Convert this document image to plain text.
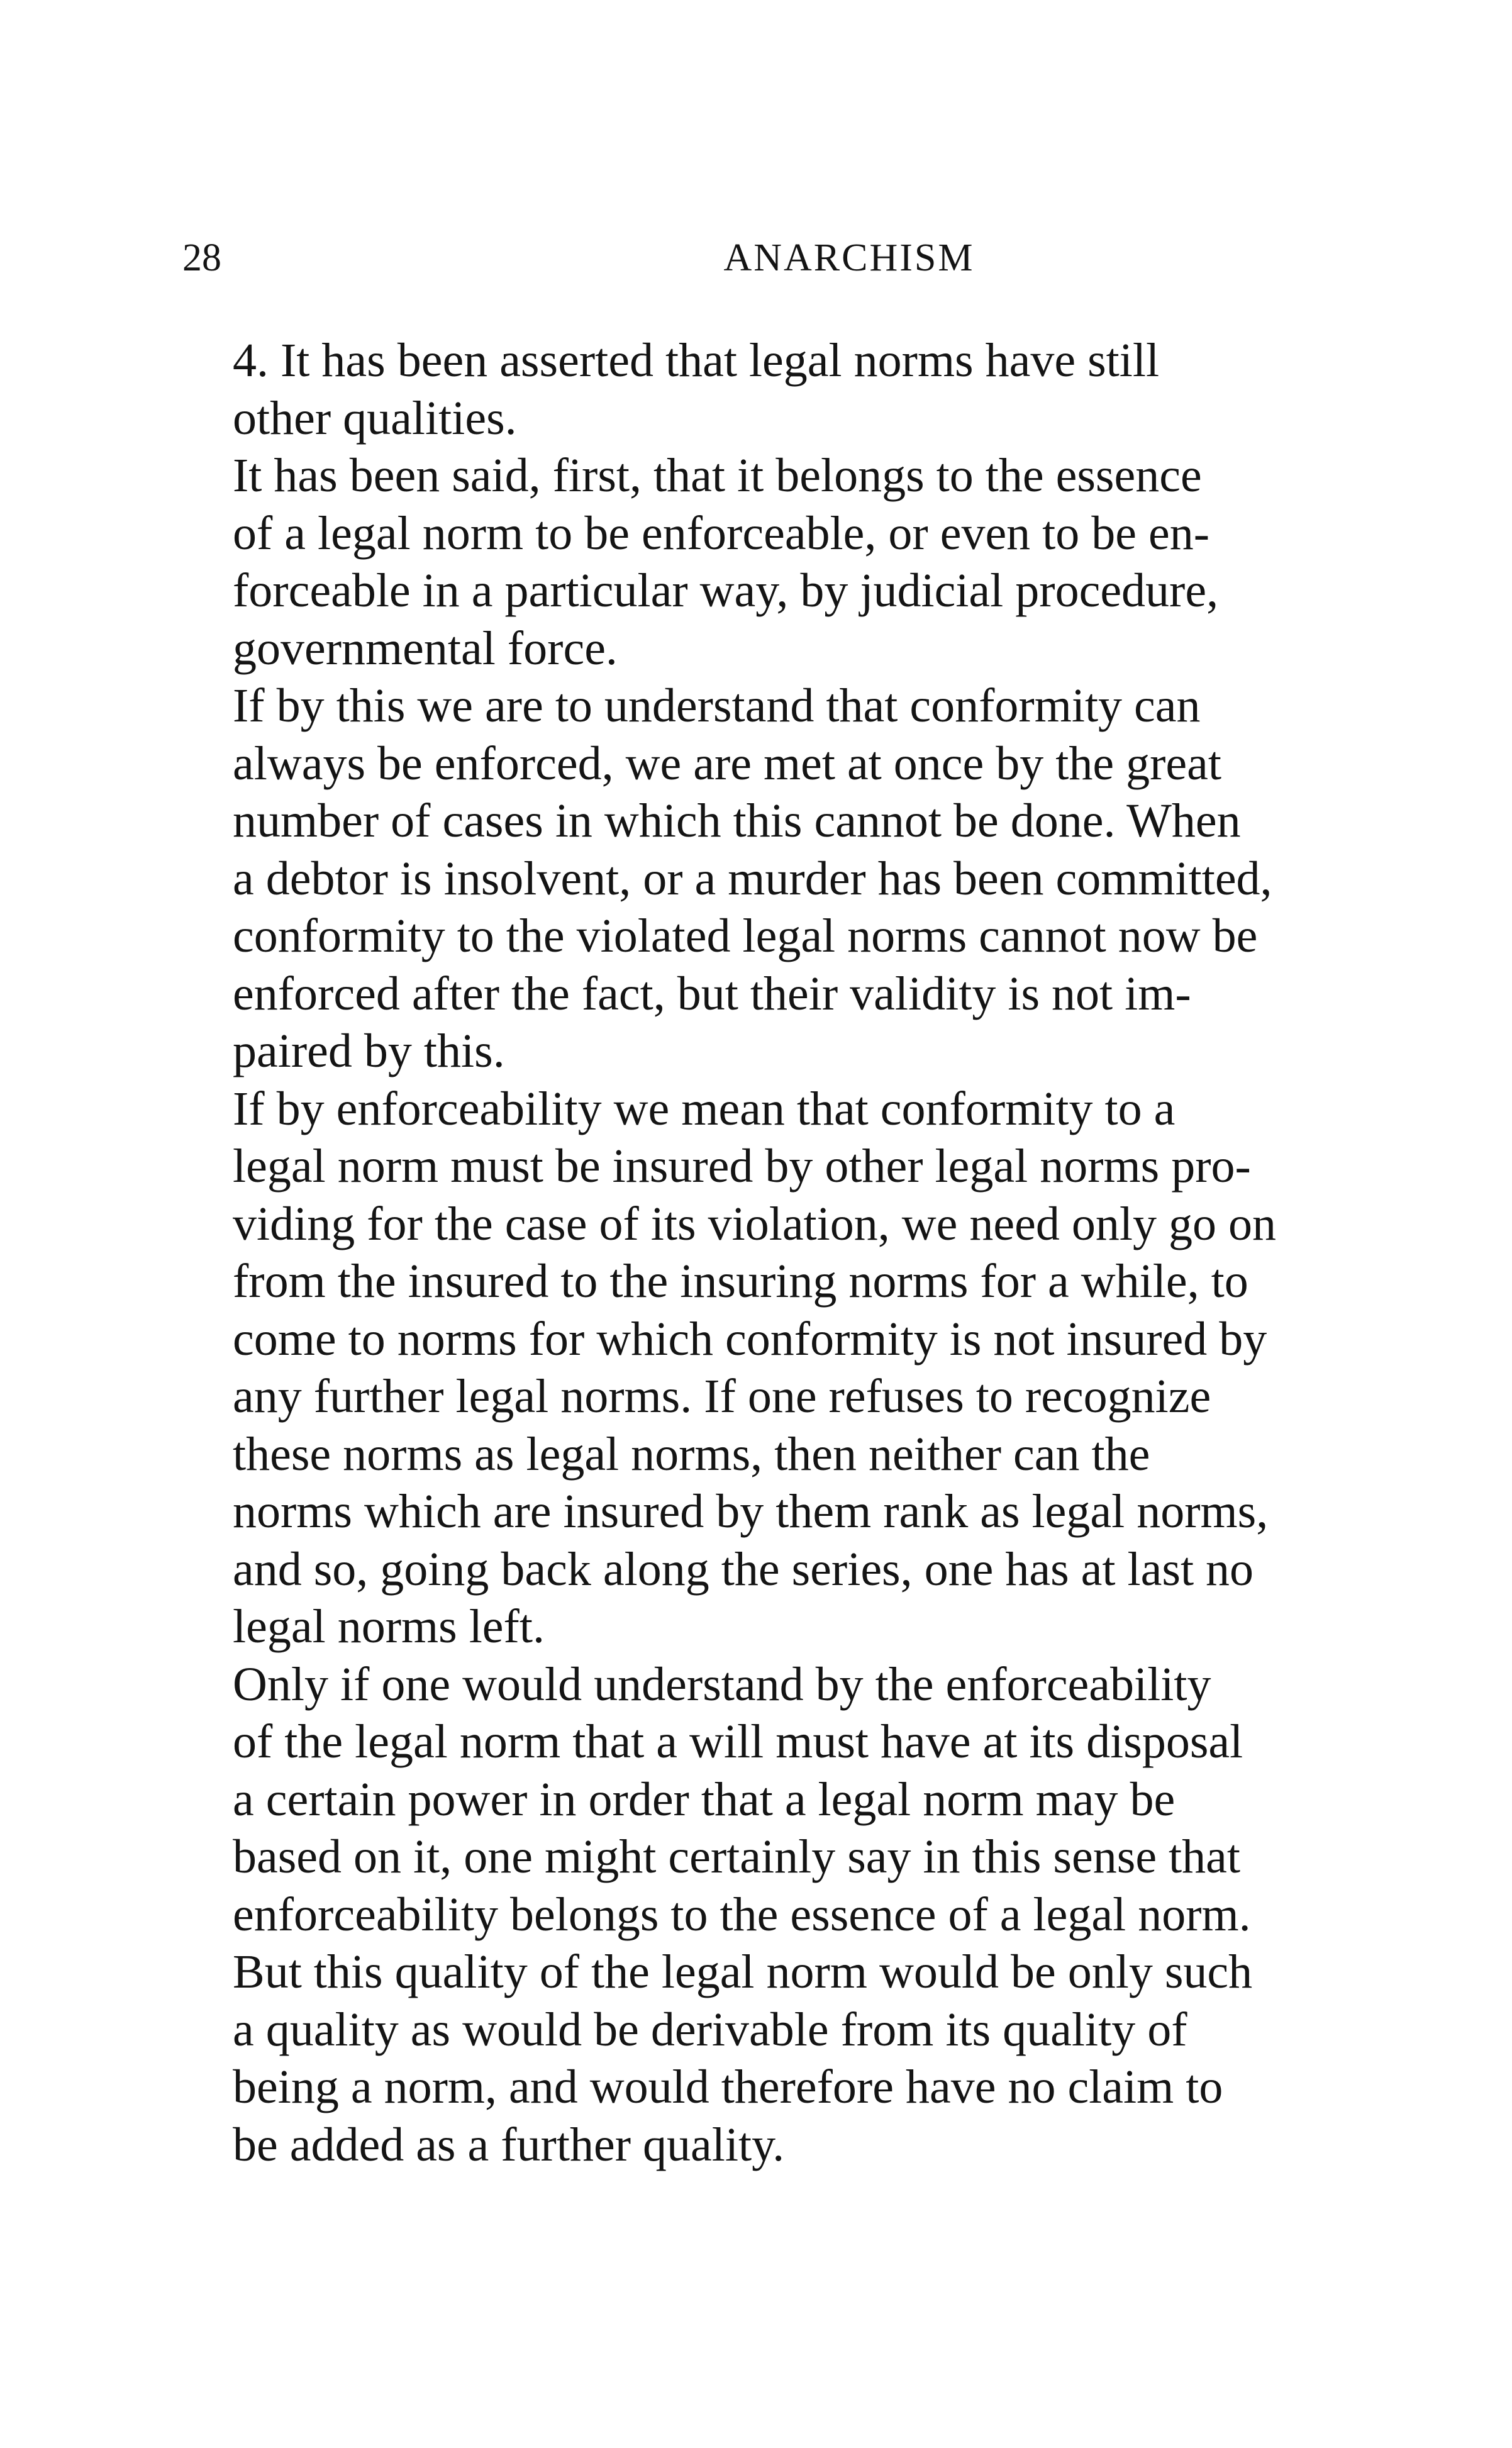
28	ANARCHISM

4. It has been asserted that legal norms have still
other qualities.

It has been said, first, that it belongs to the essence
of a legal norm to be enforceable, or even to be en-
forceable in a particular way, by judicial procedure,
governmental force.

If by this we are to understand that conformity can
always be enforced, we are met at once by the great
number of cases in which this cannot be done. When
a debtor is insolvent, or a murder has been committed,
conformity to the violated legal norms cannot now be
enforced after the fact, but their validity is not im-
paired by this.

If by enforceability we mean that conformity to a
legal norm must be insured by other legal norms pro-
viding for the case of its violation, we need only go on
from the insured to the insuring norms for a while, to
come to norms for which conformity is not insured by
any further legal norms. If one refuses to recognize
these norms as legal norms, then neither can the
norms which are insured by them rank as legal norms,
and so, going back along the series, one has at last no
legal norms left.

Only if one would understand by the enforceability
of the legal norm that a will must have at its disposal
a certain power in order that a legal norm may be
based on it, one might certainly say in this sense that
enforceability belongs to the essence of a legal norm.
But this quality of the legal norm would be only such
a quality as would be derivable from its quality of
being a norm, and would therefore have no claim to
be added as a further quality.
